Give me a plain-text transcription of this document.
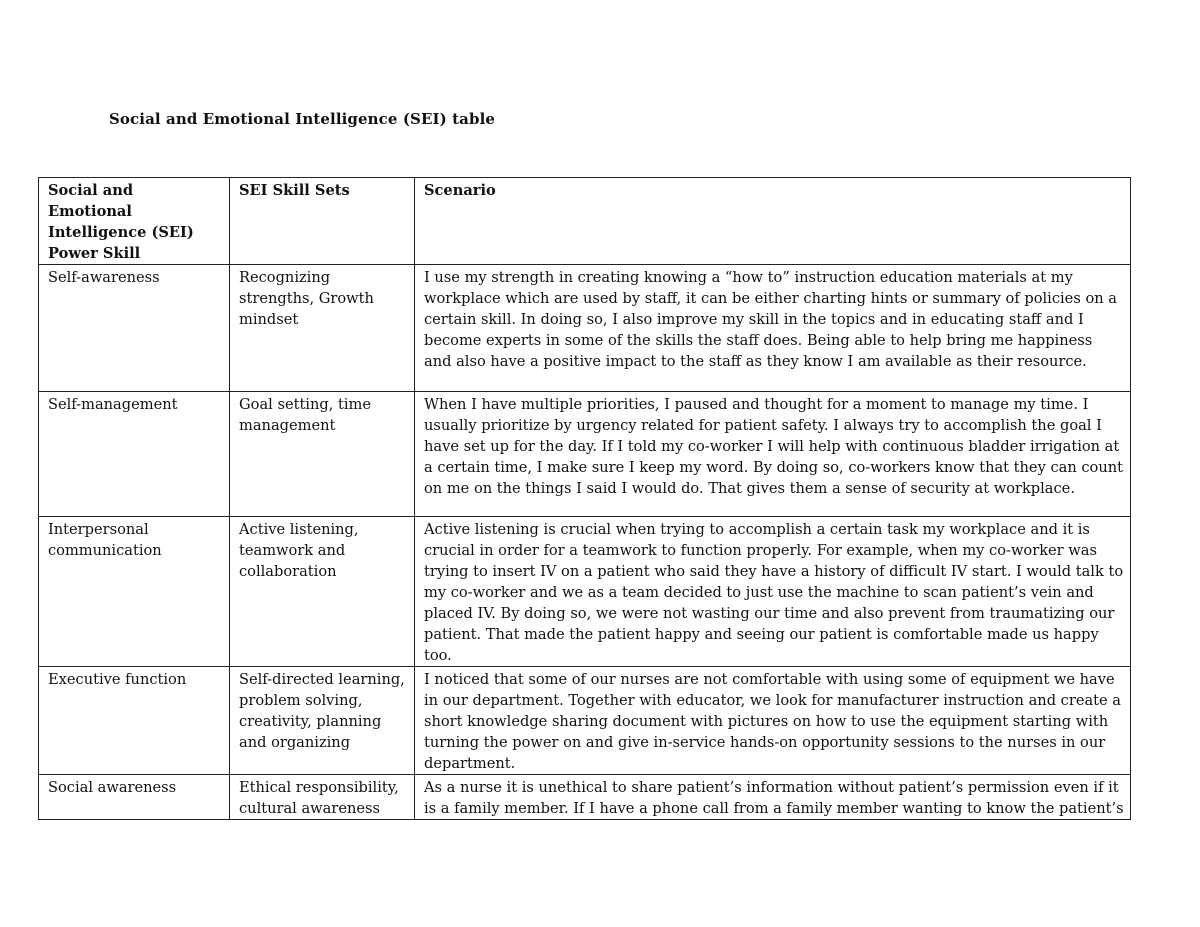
Social and Emotional Intelligence (SEI) table
Social and Emotional Intelligence (SEI) Power Skill	SEI Skill Sets	Scenario
Self-awareness	Recognizing strengths, Growth mindset	I use my strength in creating knowing a “how to” instruction education materials at my workplace which are used by staff, it can be either charting hints or summary of policies on a certain skill. In doing so, I also improve my skill in the topics and in educating staff and I become experts in some of the skills the staff does. Being able to help bring me happiness and also have a positive impact to the staff as they know I am available as their resource.
Self-management	Goal setting, time management	When I have multiple priorities, I paused and thought for a moment to manage my time. I usually prioritize by urgency related for patient safety. I always try to accomplish the goal I have set up for the day. If I told my co-worker I will help with continuous bladder irrigation at a certain time, I make sure I keep my word. By doing so, co-workers know that they can count on me on the things I said I would do. That gives them a sense of security at workplace.
Interpersonal communication	Active listening, teamwork and collaboration	Active listening is crucial when trying to accomplish a certain task my workplace and it is crucial in order for a teamwork to function properly. For example, when my co-worker was trying to insert IV on a patient who said they have a history of difficult IV start. I would talk to my co-worker and we as a team decided to just use the machine to scan patient’s vein and placed IV. By doing so, we were not wasting our time and also prevent from traumatizing our patient. That made the patient happy and seeing our patient is comfortable made us happy too.
Executive function	Self-directed learning, problem solving, creativity, planning and organizing	I noticed that some of our nurses are not comfortable with using some of equipment we have in our department. Together with educator, we look for manufacturer instruction and create a short knowledge sharing document with pictures on how to use the equipment starting with turning the power on and give in-service hands-on opportunity sessions to the nurses in our department.
Social awareness	Ethical responsibility, cultural awareness	As a nurse it is unethical to share patient’s information without patient’s permission even if it is a family member. If I have a phone call from a family member wanting to know the patient’s
